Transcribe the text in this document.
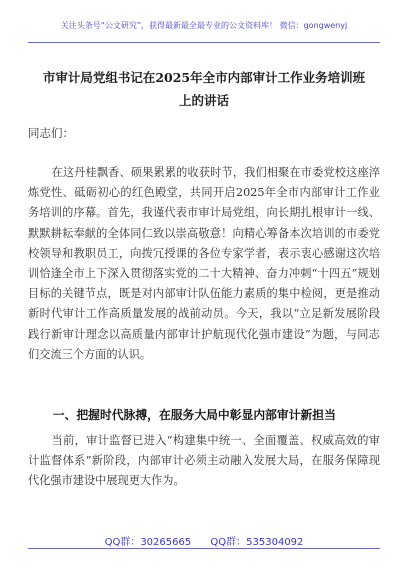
关注头条号“公文研究”，获得最新最全最专业的公文资料库！ 微信：gongwenyj
市审计局党组书记在2025年全市内部审计工作业务培训班
上的讲话
同志们：

在这丹桂飘香、硕果累累的收获时节，我们相聚在市委党校这座淬炼党性、砥砺初心的红色殿堂，共同开启2025年全市内部审计工作业务培训的序幕。首先，我谨代表市审计局党组，向长期扎根审计一线、默默耕耘奉献的全体同仁致以崇高敬意！向精心筹备本次培训的市委党校领导和教职员工，向拨冗授课的各位专家学者，表示衷心感谢这次培训恰逢全市上下深入贯彻落实党的二十大精神、奋力冲刺“十四五”规划目标的关键节点，既是对内部审计队伍能力素质的集中检阅，更是推动新时代审计工作高质量发展的战前动员。今天，我以“立足新发展阶段践行新审计理念以高质量内部审计护航现代化强市建设”为题，与同志们交流三个方面的认识。

一、把握时代脉搏，在服务大局中彰显内部审计新担当

当前，审计监督已进入“构建集中统一、全面覆盖、权威高效的审计监督体系”新阶段，内部审计必须主动融入发展大局，在服务保障现代化强市建设中展现更大作为。

QQ群：30265665 QQ群：535304092
